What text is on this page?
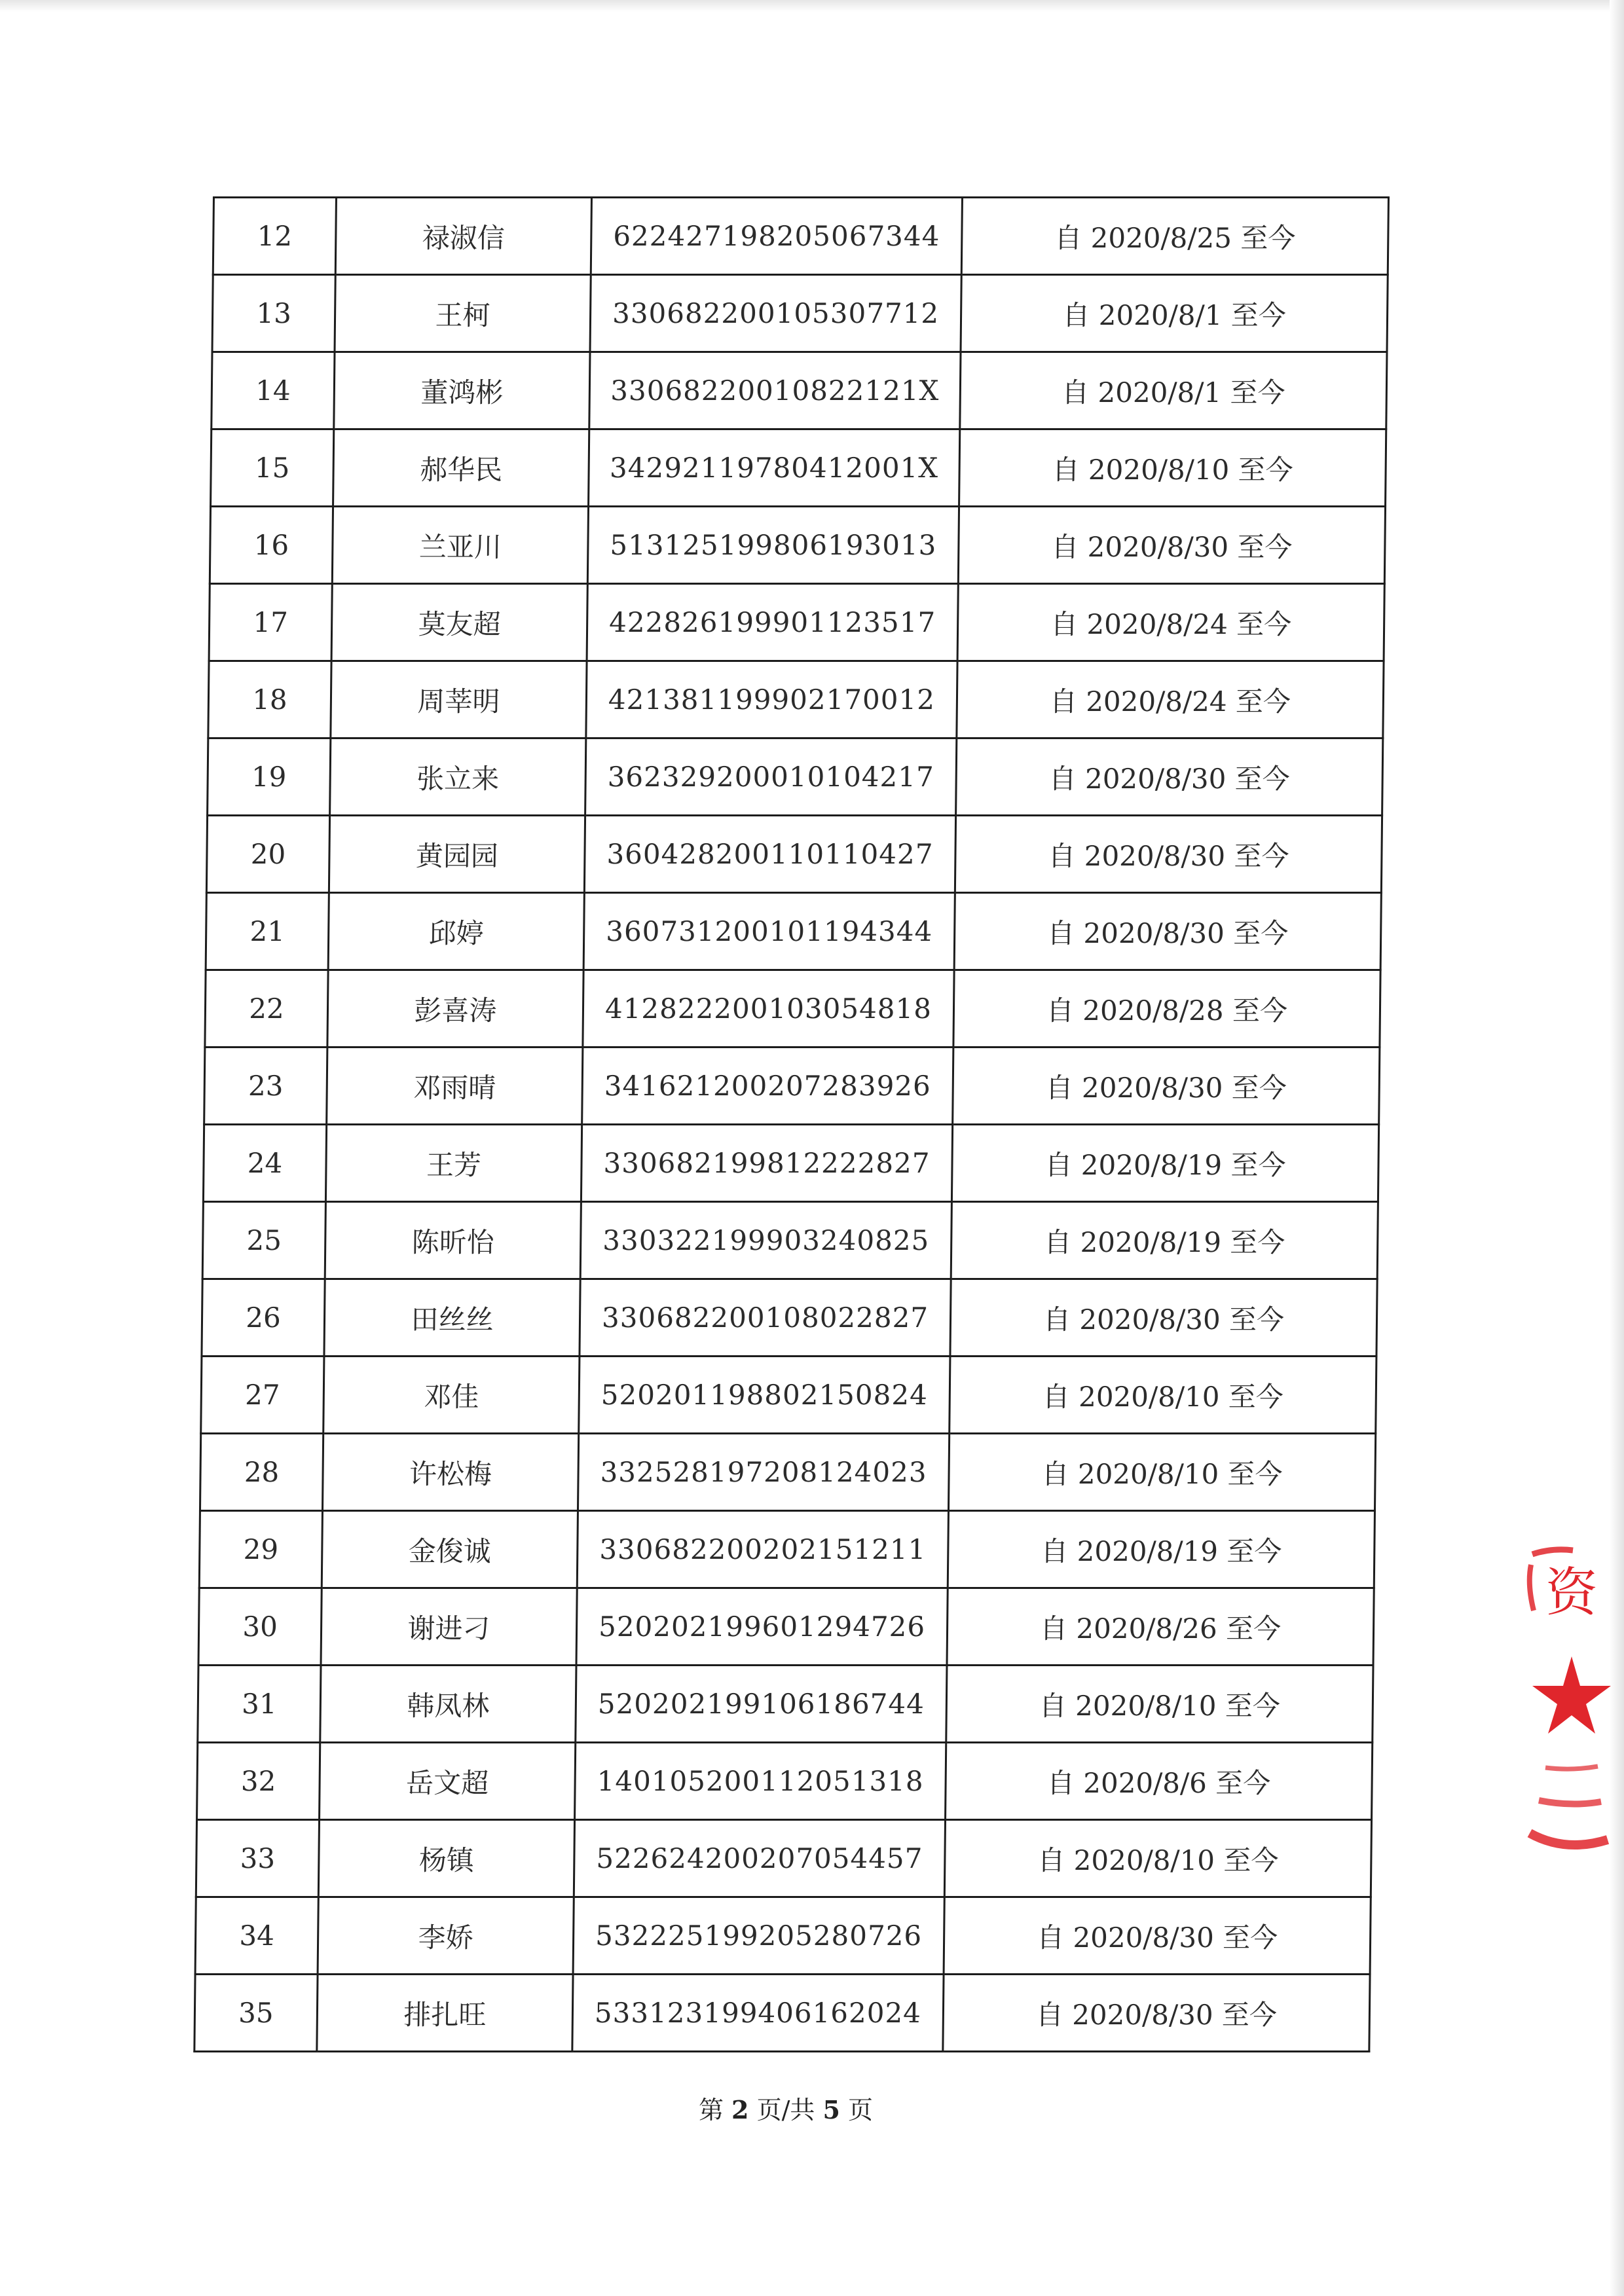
12	禄淑信	622427198205067344	自 2020/8/25 至今
13	王柯	330682200105307712	自 2020/8/1 至今
14	董鸿彬	33068220010822121X	自 2020/8/1 至今
15	郝华民	34292119780412001X	自 2020/8/10 至今
16	兰亚川	513125199806193013	自 2020/8/30 至今
17	莫友超	422826199901123517	自 2020/8/24 至今
18	周莘明	421381199902170012	自 2020/8/24 至今
19	张立来	362329200010104217	自 2020/8/30 至今
20	黄园园	360428200110110427	自 2020/8/30 至今
21	邱婷	360731200101194344	自 2020/8/30 至今
22	彭喜涛	412822200103054818	自 2020/8/28 至今
23	邓雨晴	341621200207283926	自 2020/8/30 至今
24	王芳	330682199812222827	自 2020/8/19 至今
25	陈昕怡	330322199903240825	自 2020/8/19 至今
26	田丝丝	330682200108022827	自 2020/8/30 至今
27	邓佳	520201198802150824	自 2020/8/10 至今
28	许松梅	332528197208124023	自 2020/8/10 至今
29	金俊诚	330682200202151211	自 2020/8/19 至今
30	谢进刁	520202199601294726	自 2020/8/26 至今
31	韩凤林	520202199106186744	自 2020/8/10 至今
32	岳文超	140105200112051318	自 2020/8/6 至今
33	杨镇	522624200207054457	自 2020/8/10 至今
34	李娇	532225199205280726	自 2020/8/30 至今
35	排扎旺	533123199406162024	自 2020/8/30 至今
第 2 页/共 5 页
资
